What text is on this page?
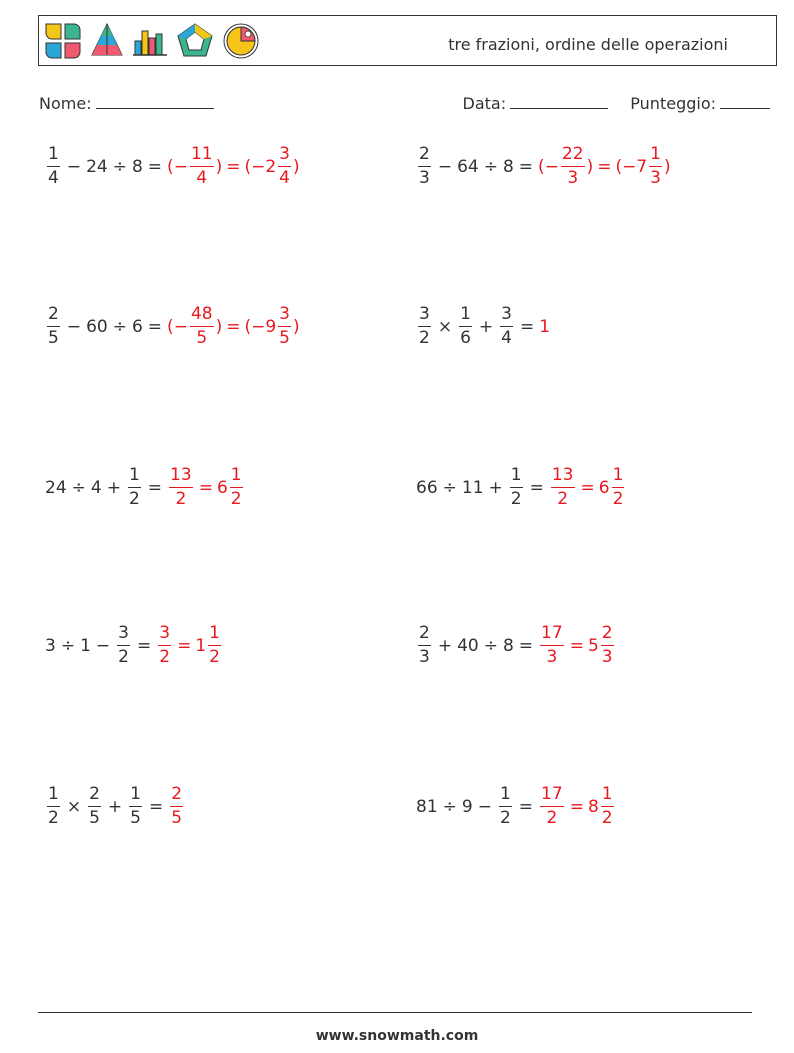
tre frazioni, ordine delle operazioni
Nome:	Data:	Punteggio:
$\frac{1}{4} - 24 \div 8$ = ( − $\frac{11}{4}$ ) = ( $-2 \frac{3}{4}$ )	$\frac{2}{3} - 64 \div 8$ = ( − $\frac{22}{3}$ ) = ( $-7 \frac{1}{3}$ )
$\frac{2}{5} - 60 \div 6$ = ( − $\frac{48}{5}$ ) = ( $-9 \frac{3}{5}$ )	$\frac{3}{2} \times \frac{1}{6} + \frac{3}{4} = 1$
$24 \div 4 + \frac{1}{2} = \frac{13}{2} = 6 \frac{1}{2}$	$66 \div 11 + \frac{1}{2} = \frac{13}{2} = 6 \frac{1}{2}$
$3 \div 1 - \frac{3}{2} = \frac{3}{2} = 1 \frac{1}{2}$	$\frac{2}{3} + 40 \div 8 = \frac{17}{3} = 5 \frac{2}{3}$
$\frac{1}{2} \times \frac{2}{5} + \frac{1}{5} = \frac{2}{5}$	$81 \div 9 - \frac{1}{2} = \frac{17}{2} = 8 \frac{1}{2}$
www.snowmath.com
